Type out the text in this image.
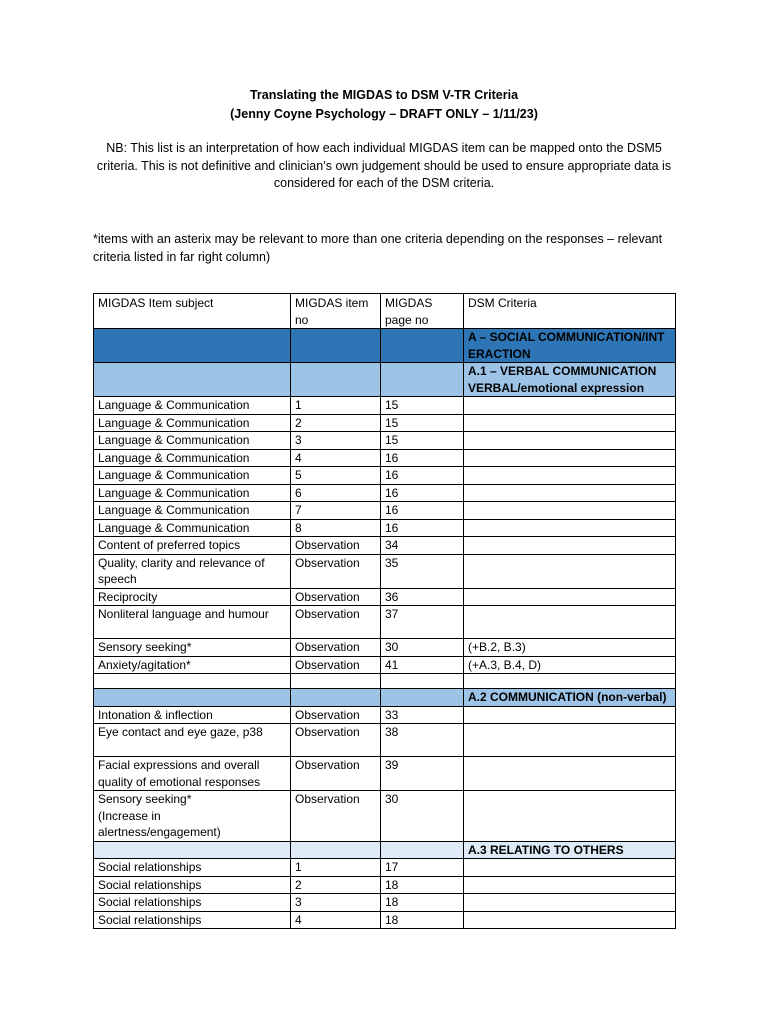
Translating the MIGDAS to DSM V-TR Criteria
(Jenny Coyne Psychology – DRAFT ONLY – 1/11/23)
NB: This list is an interpretation of how each individual MIGDAS item can be mapped onto the DSM5 criteria. This is not definitive and clinician’s own judgement should be used to ensure appropriate data is considered for each of the DSM criteria.
*items with an asterix may be relevant to more than one criteria depending on the responses – relevant criteria listed in far right column)
MIGDAS Item subject	MIGDAS item no	MIGDAS page no	DSM Criteria
			A – SOCIAL COMMUNICATION/INTERACTION
			A.1 – VERBAL COMMUNICATION VERBAL/emotional expression
Language & Communication	1	15	
Language & Communication	2	15	
Language & Communication	3	15	
Language & Communication	4	16	
Language & Communication	5	16	
Language & Communication	6	16	
Language & Communication	7	16	
Language & Communication	8	16	
Content of preferred topics	Observation	34	
Quality, clarity and relevance of speech	Observation	35	
Reciprocity	Observation	36	
Nonliteral language and humour	Observation	37	
Sensory seeking*	Observation	30	(+B.2, B.3)
Anxiety/agitation*	Observation	41	(+A.3, B.4, D)

			A.2 COMMUNICATION (non-verbal)
Intonation & inflection	Observation	33	
Eye contact and eye gaze, p38	Observation	38	
Facial expressions and overall quality of emotional responses	Observation	39	

Sensory seeking*
(Increase in alertness/engagement)	Observation	30	
			A.3 RELATING TO OTHERS
Social relationships	1	17	
Social relationships	2	18	
Social relationships	3	18	
Social relationships	4	18	
